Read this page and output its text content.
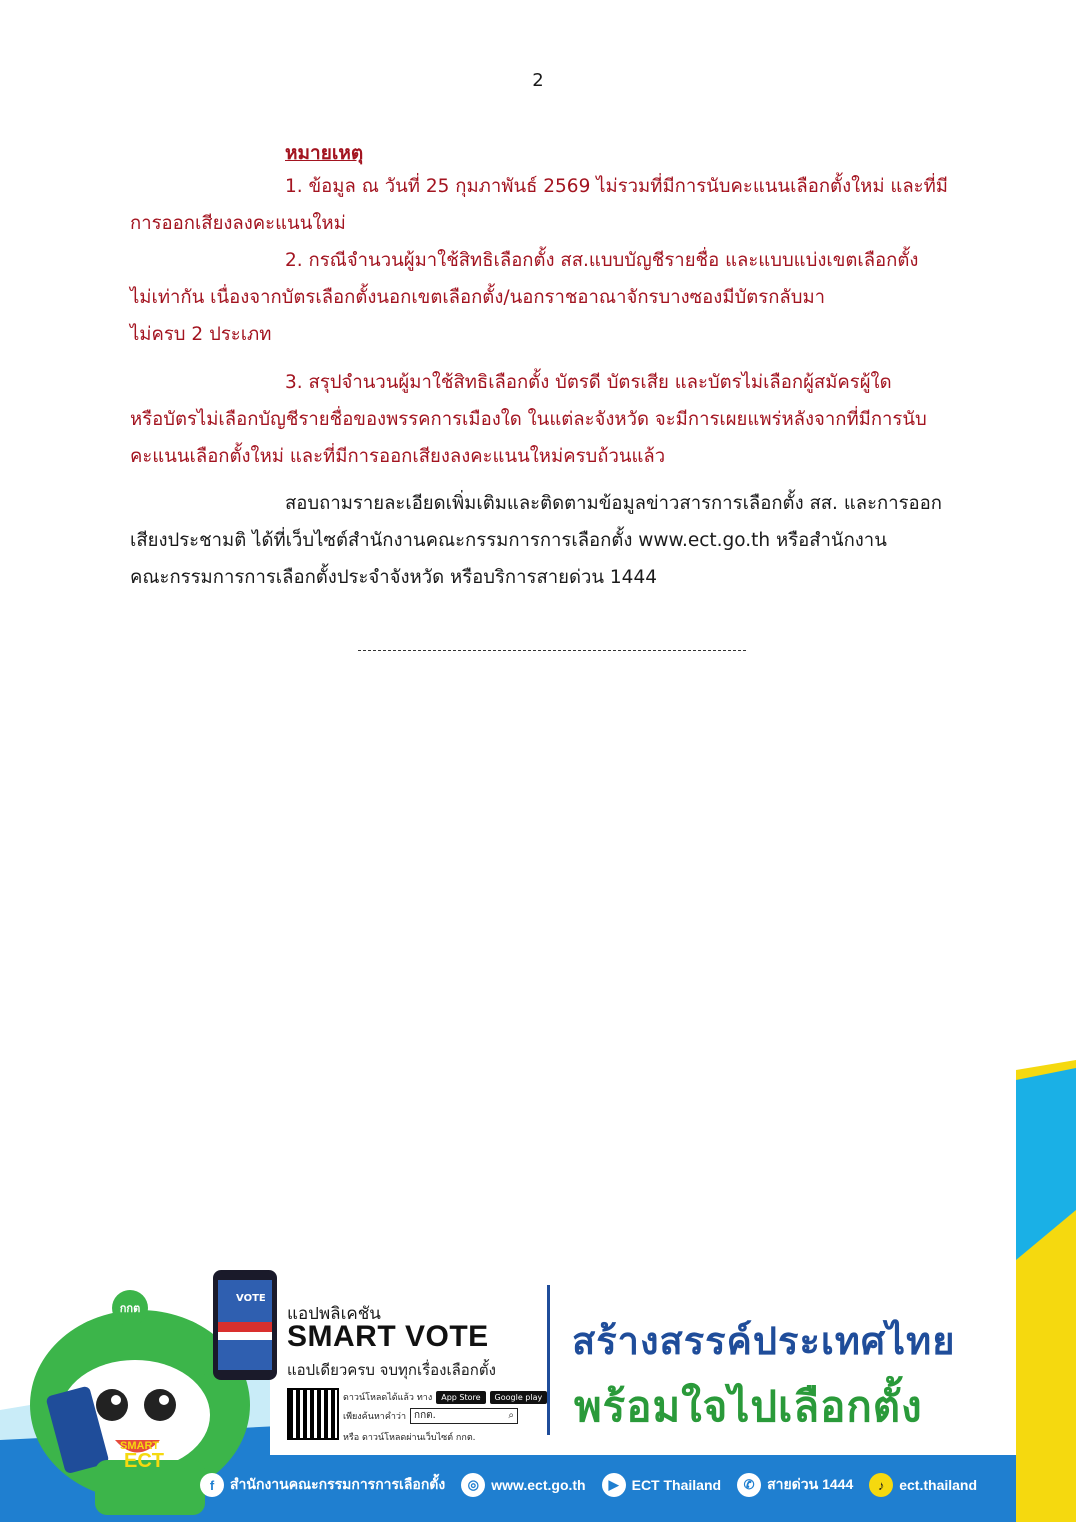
2
หมายเหตุ
1. ข้อมูล ณ วันที่ 25 กุมภาพันธ์ 2569 ไม่รวมที่มีการนับคะแนนเลือกตั้งใหม่ และที่มี
การออกเสียงลงคะแนนใหม่
2. กรณีจำนวนผู้มาใช้สิทธิเลือกตั้ง สส.แบบบัญชีรายชื่อ และแบบแบ่งเขตเลือกตั้ง
ไม่เท่ากัน เนื่องจากบัตรเลือกตั้งนอกเขตเลือกตั้ง/นอกราชอาณาจักรบางซองมีบัตรกลับมา
ไม่ครบ 2 ประเภท
3. สรุปจำนวนผู้มาใช้สิทธิเลือกตั้ง บัตรดี บัตรเสีย และบัตรไม่เลือกผู้สมัครผู้ใด
หรือบัตรไม่เลือกบัญชีรายชื่อของพรรคการเมืองใด ในแต่ละจังหวัด จะมีการเผยแพร่หลังจากที่มีการนับ
คะแนนเลือกตั้งใหม่ และที่มีการออกเสียงลงคะแนนใหม่ครบถ้วนแล้ว
สอบถามรายละเอียดเพิ่มเติมและติดตามข้อมูลข่าวสารการเลือกตั้ง สส. และการออก
เสียงประชามติ ได้ที่เว็บไซต์สำนักงานคณะกรรมการการเลือกตั้ง www.ect.go.th หรือสำนักงาน
คณะกรรมการการเลือกตั้งประจำจังหวัด หรือบริการสายด่วน 1444
แอปพลิเคชัน
SMART VOTE
แอปเดียวครบ จบทุกเรื่องเลือกตั้ง
ดาวน์โหลดได้แล้ว ทาง	App Store	Google play
เพียงค้นหาคำว่า กกต.	⌕
หรือ ดาวน์โหลดผ่านเว็บไซต์ กกต.
กกต
VOTE
SMART
ECT
สร้างสรรค์ประเทศไทย
พร้อมใจไปเลือกตั้ง
f	สำนักงานคณะกรรมการการเลือกตั้ง	◎ www.ect.go.th	▶ ECT Thailand	✆ สายด่วน 1444	♪	ect.thailand
